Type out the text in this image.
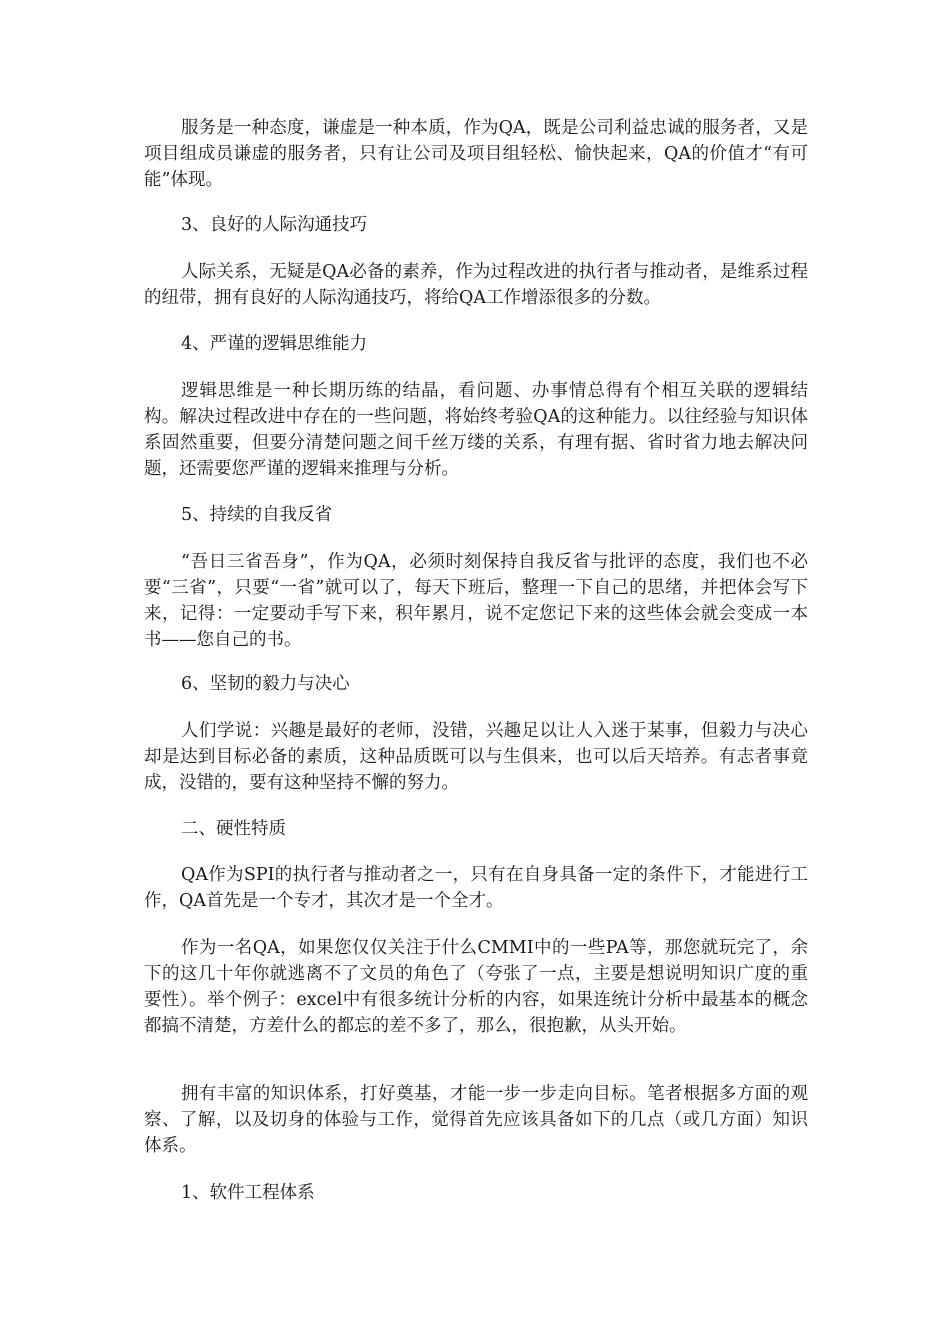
服务是一种态度，谦虚是一种本质，作为QA，既是公司利益忠诚的服务者，又是项目组成员谦虚的服务者，只有让公司及项目组轻松、愉快起来，QA的价值才“有可能”体现。

3、良好的人际沟通技巧

人际关系，无疑是QA必备的素养，作为过程改进的执行者与推动者，是维系过程的纽带，拥有良好的人际沟通技巧，将给QA工作增添很多的分数。

4、严谨的逻辑思维能力

逻辑思维是一种长期历练的结晶，看问题、办事情总得有个相互关联的逻辑结构。解决过程改进中存在的一些问题，将始终考验QA的这种能力。以往经验与知识体系固然重要，但要分清楚问题之间千丝万缕的关系，有理有据、省时省力地去解决问题，还需要您严谨的逻辑来推理与分析。

5、持续的自我反省

“吾日三省吾身”，作为QA，必须时刻保持自我反省与批评的态度，我们也不必要“三省”，只要“一省”就可以了，每天下班后，整理一下自己的思绪，并把体会写下来，记得：一定要动手写下来，积年累月，说不定您记下来的这些体会就会变成一本书——您自己的书。

6、坚韧的毅力与决心

人们学说：兴趣是最好的老师，没错，兴趣足以让人入迷于某事，但毅力与决心却是达到目标必备的素质，这种品质既可以与生俱来，也可以后天培养。有志者事竟成，没错的，要有这种坚持不懈的努力。

二、硬性特质

QA作为SPI的执行者与推动者之一，只有在自身具备一定的条件下，才能进行工作，QA首先是一个专才，其次才是一个全才。

作为一名QA，如果您仅仅关注于什么CMMI中的一些PA等，那您就玩完了，余下的这几十年你就逃离不了文员的角色了（夸张了一点，主要是想说明知识广度的重要性）。举个例子：excel中有很多统计分析的内容，如果连统计分析中最基本的概念都搞不清楚，方差什么的都忘的差不多了，那么，很抱歉，从头开始。

拥有丰富的知识体系，打好奠基，才能一步一步走向目标。笔者根据多方面的观察、了解，以及切身的体验与工作，觉得首先应该具备如下的几点（或几方面）知识体系。

1、软件工程体系
